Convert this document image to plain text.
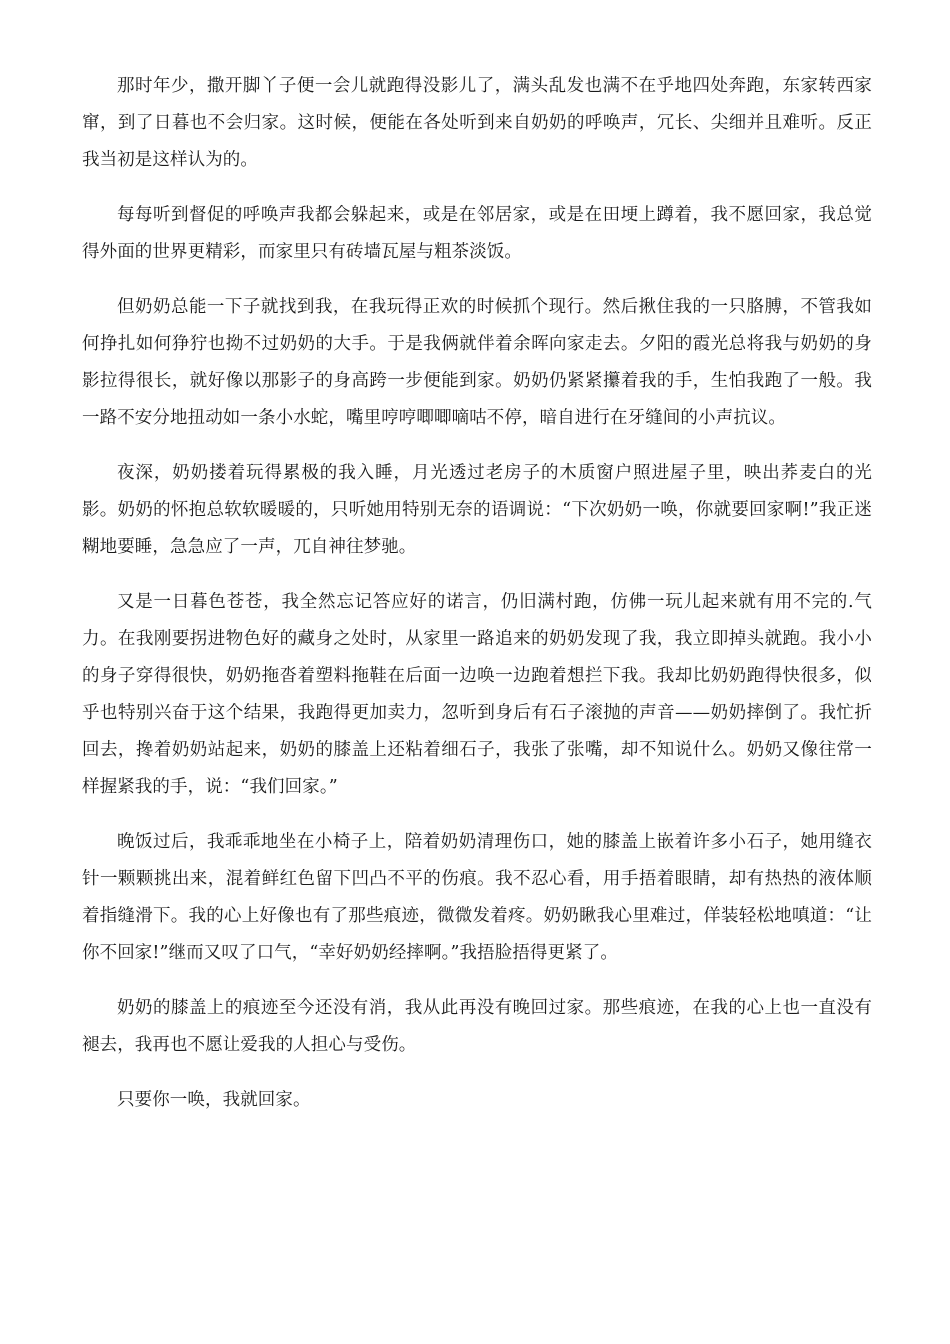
那时年少，撒开脚丫子便一会儿就跑得没影儿了，满头乱发也满不在乎地四处奔跑，东家转西家窜，到了日暮也不会归家。这时候，便能在各处听到来自奶奶的呼唤声，冗长、尖细并且难听。反正我当初是这样认为的。

每每听到督促的呼唤声我都会躲起来，或是在邻居家，或是在田埂上蹲着，我不愿回家，我总觉得外面的世界更精彩，而家里只有砖墙瓦屋与粗茶淡饭。

但奶奶总能一下子就找到我，在我玩得正欢的时候抓个现行。然后揪住我的一只胳膊，不管我如何挣扎如何狰狞也拗不过奶奶的大手。于是我俩就伴着余晖向家走去。夕阳的霞光总将我与奶奶的身影拉得很长，就好像以那影子的身高跨一步便能到家。奶奶仍紧紧攥着我的手，生怕我跑了一般。我一路不安分地扭动如一条小水蛇，嘴里哼哼唧唧嘀咕不停，暗自进行在牙缝间的小声抗议。

夜深，奶奶搂着玩得累极的我入睡，月光透过老房子的木质窗户照进屋子里，映出荞麦白的光影。奶奶的怀抱总软软暖暖的，只听她用特别无奈的语调说：“下次奶奶一唤，你就要回家啊!”我正迷糊地要睡，急急应了一声，兀自神往梦驰。

又是一日暮色苍苍，我全然忘记答应好的诺言，仍旧满村跑，仿佛一玩儿起来就有用不完的.气力。在我刚要拐进物色好的藏身之处时，从家里一路追来的奶奶发现了我，我立即掉头就跑。我小小的身子穿得很快，奶奶拖沓着塑料拖鞋在后面一边唤一边跑着想拦下我。我却比奶奶跑得快很多，似乎也特别兴奋于这个结果，我跑得更加卖力，忽听到身后有石子滚抛的声音——奶奶摔倒了。我忙折回去，搀着奶奶站起来，奶奶的膝盖上还粘着细石子，我张了张嘴，却不知说什么。奶奶又像往常一样握紧我的手，说：“我们回家。”

晚饭过后，我乖乖地坐在小椅子上，陪着奶奶清理伤口，她的膝盖上嵌着许多小石子，她用缝衣针一颗颗挑出来，混着鲜红色留下凹凸不平的伤痕。我不忍心看，用手捂着眼睛，却有热热的液体顺着指缝滑下。我的心上好像也有了那些痕迹，微微发着疼。奶奶瞅我心里难过，佯装轻松地嗔道：“让你不回家!”继而又叹了口气，“幸好奶奶经摔啊。”我捂脸捂得更紧了。

奶奶的膝盖上的痕迹至今还没有消，我从此再没有晚回过家。那些痕迹，在我的心上也一直没有褪去，我再也不愿让爱我的人担心与受伤。

只要你一唤，我就回家。
